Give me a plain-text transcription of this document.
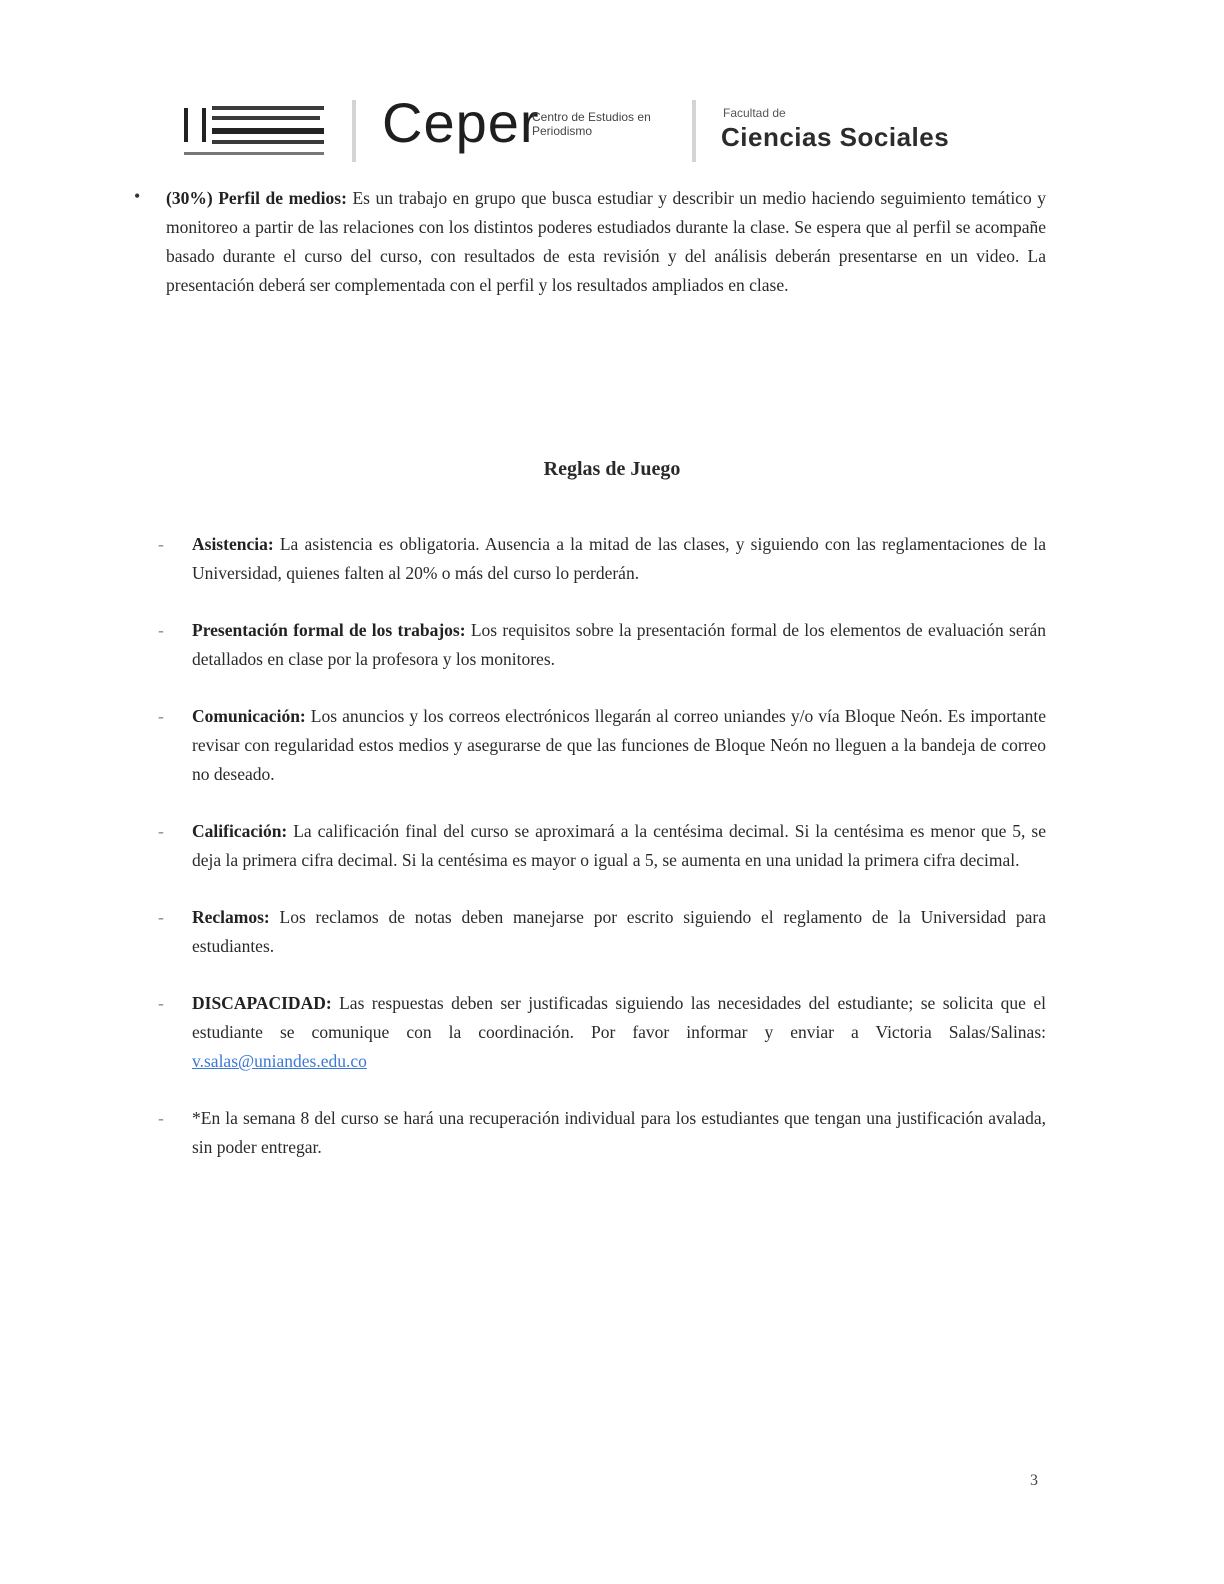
Ceper
Centro de Estudios en Periodismo
Facultad de
Ciencias Sociales
• (30%) Perfil de medios: Es un trabajo en grupo que busca estudiar y describir un medio haciendo seguimiento temático y monitoreo a partir de las relaciones con los distintos poderes estudiados durante la clase. Se espera que al perfil se acompañe basado durante el curso del curso, con resultados de esta revisión y del análisis deberán presentarse en un video. La presentación deberá ser complementada con el perfil y los resultados ampliados en clase.

Reglas de Juego
- Asistencia: La asistencia es obligatoria. Ausencia a la mitad de las clases, y siguiendo con las reglamentaciones de la Universidad, quienes falten al 20% o más del curso lo perderán.
- Presentación formal de los trabajos: Los requisitos sobre la presentación formal de los elementos de evaluación serán detallados en clase por la profesora y los monitores.
- Comunicación: Los anuncios y los correos electrónicos llegarán al correo uniandes y/o vía Bloque Neón. Es importante revisar con regularidad estos medios y asegurarse de que las funciones de Bloque Neón no lleguen a la bandeja de correo no deseado.
- Calificación: La calificación final del curso se aproximará a la centésima decimal. Si la centésima es menor que 5, se deja la primera cifra decimal. Si la centésima es mayor o igual a 5, se aumenta en una unidad la primera cifra decimal.
- Reclamos: Los reclamos de notas deben manejarse por escrito siguiendo el reglamento de la Universidad para estudiantes.
- DISCAPACIDAD: Las respuestas deben ser justificadas siguiendo las necesidades del estudiante; se solicita que el estudiante se comunique con la coordinación. Por favor informar y enviar a Victoria Salas/Salinas: v.salas@uniandes.edu.co
- *En la semana 8 del curso se hará una recuperación individual para los estudiantes que tengan una justificación avalada, sin poder entregar.
3
